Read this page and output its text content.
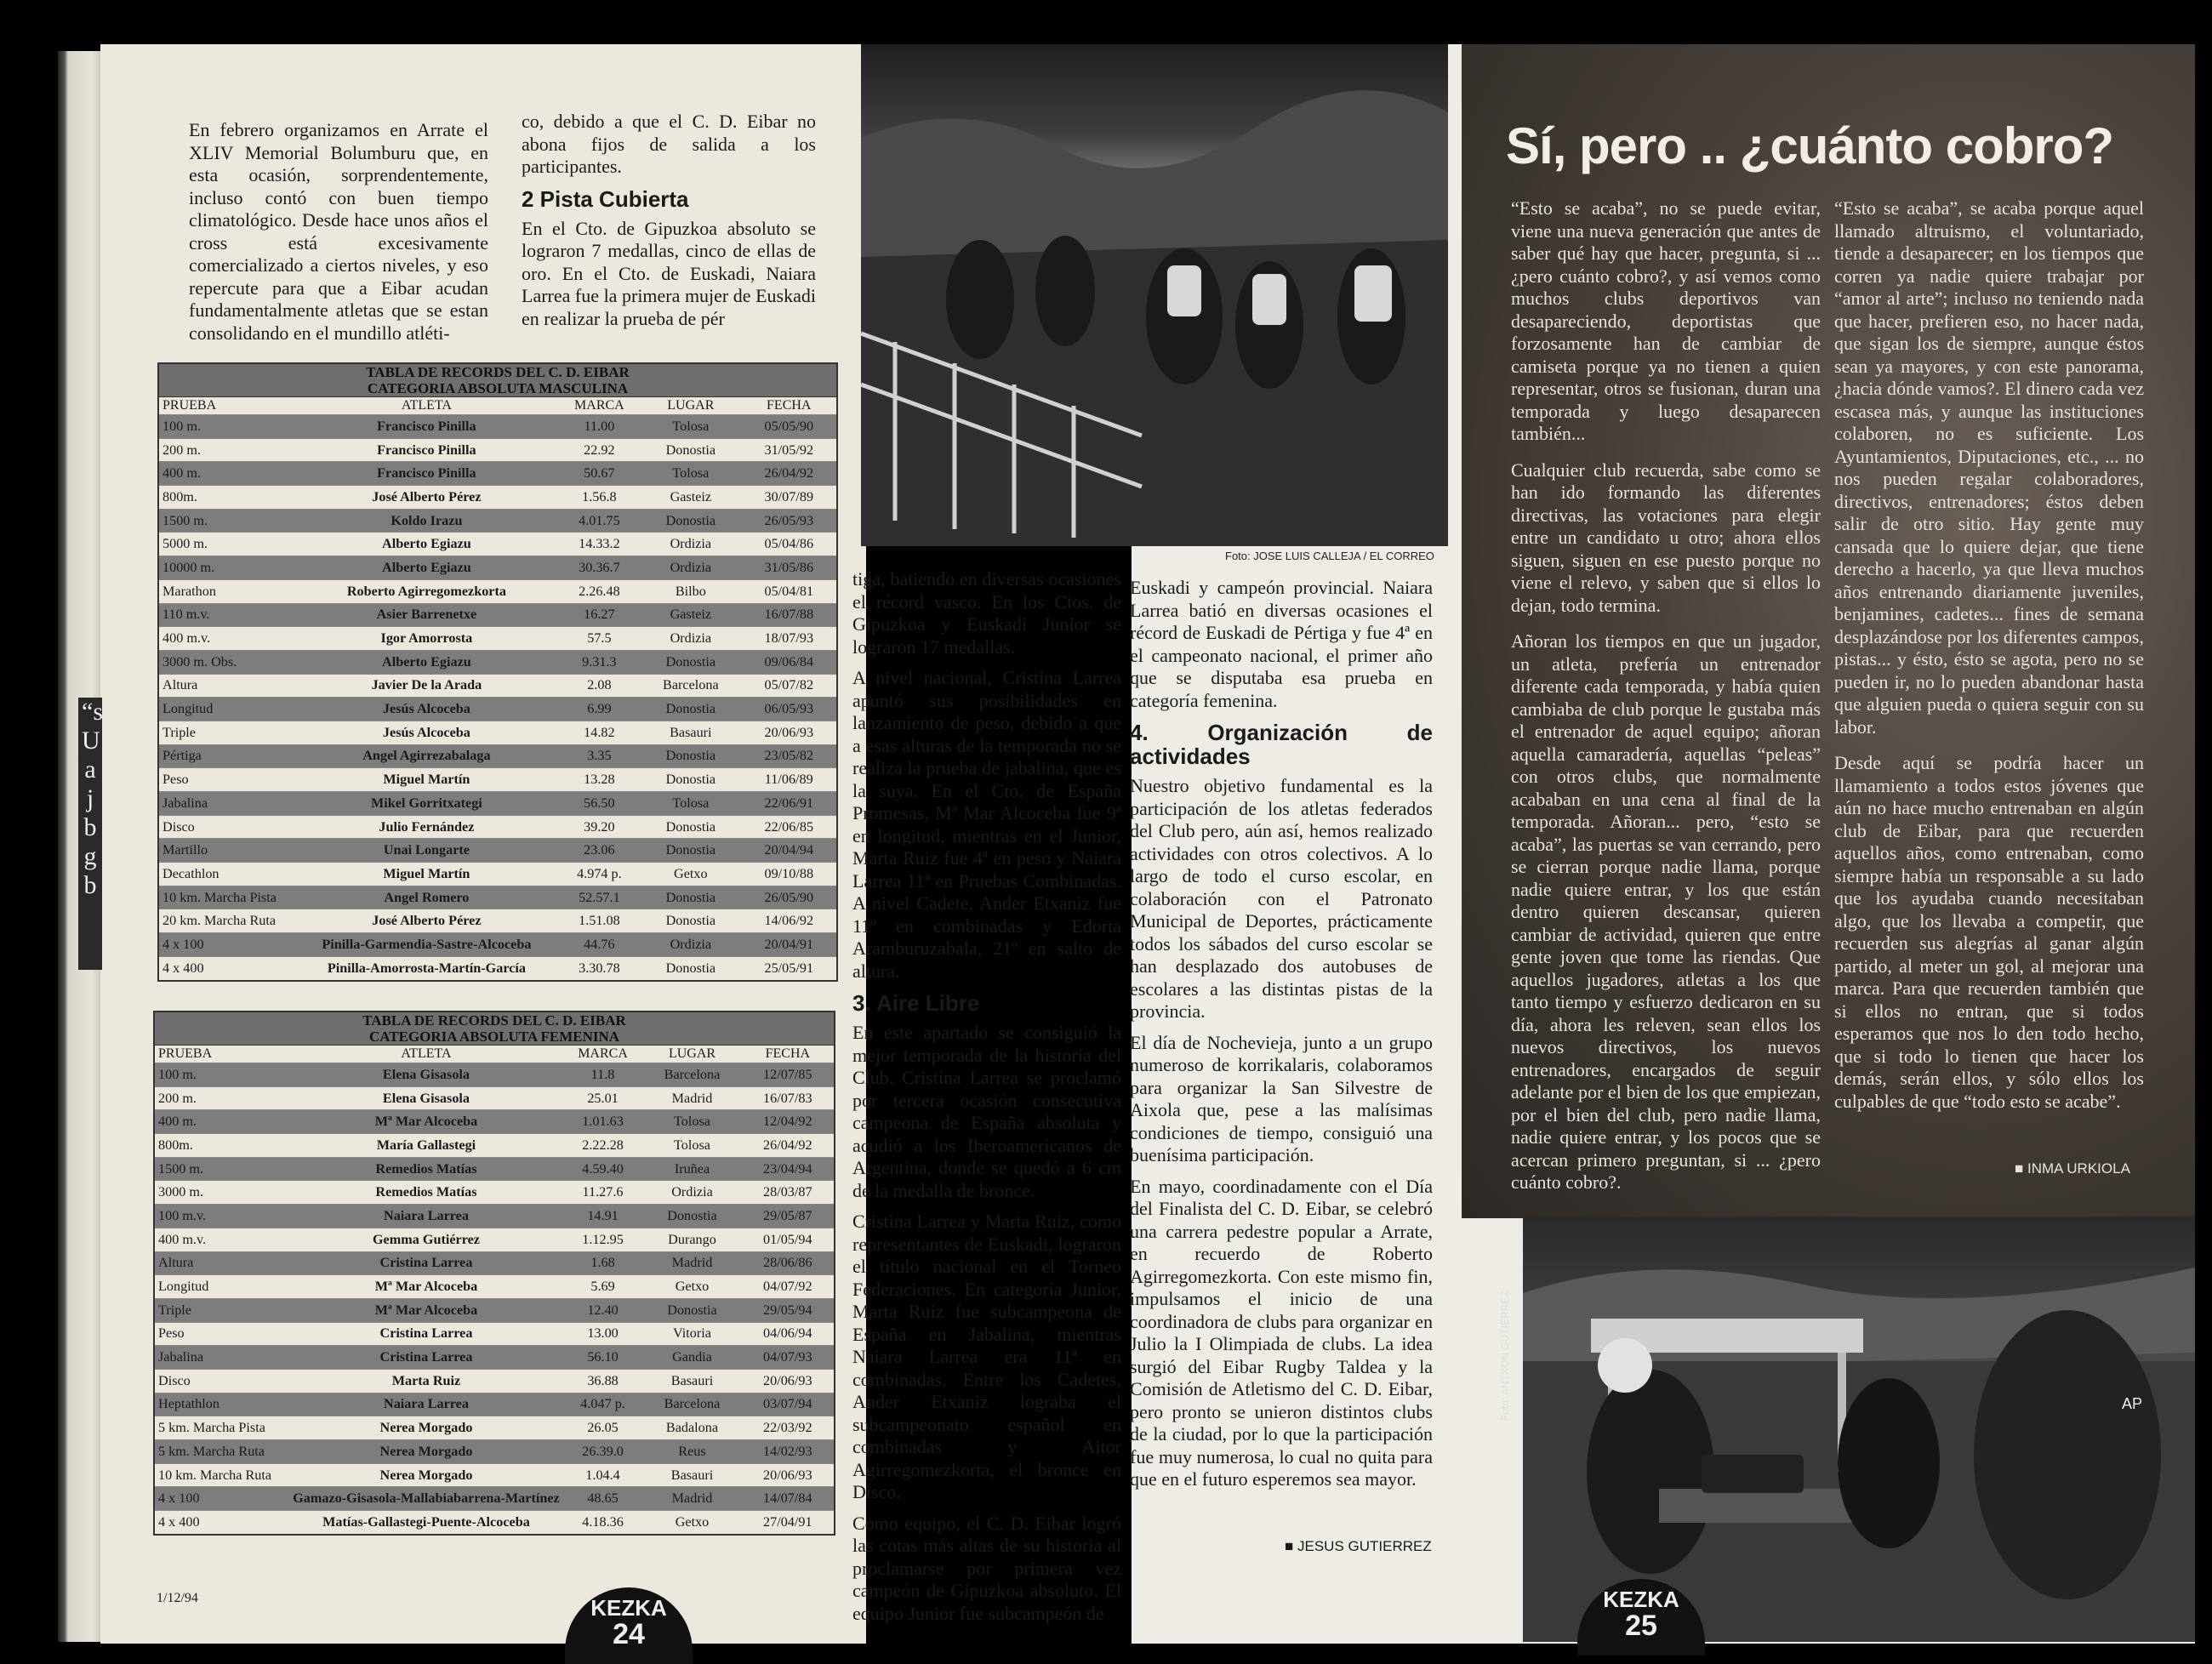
“s U a j b g b

En febrero organizamos en Arrate el XLIV Memorial Bolumburu que, en esta ocasión, sorprendentemente, incluso contó con buen tiempo climatológico. Desde hace unos años el cross está excesivamente comercializado a ciertos niveles, y eso repercute para que a Eibar acudan fundamentalmente atletas que se estan consolidando en el mundillo atléti-

co, debido a que el C. D. Eibar no abona fijos de salida a los participantes.

2 Pista Cubierta

En el Cto. de Gipuzkoa absoluto se lograron 7 medallas, cinco de ellas de oro. En el Cto. de Euskadi, Naiara Larrea fue la primera mujer de Euskadi en realizar la prueba de pér

TABLA DE RECORDS DEL C. D. EIBAR
CATEGORIA ABSOLUTA MASCULINA
PRUEBA	ATLETA	MARCA	LUGAR	FECHA
100 m.	Francisco Pinilla	11.00	Tolosa	05/05/90
200 m.	Francisco Pinilla	22.92	Donostia	31/05/92
400 m.	Francisco Pinilla	50.67	Tolosa	26/04/92
800m.	José Alberto Pérez	1.56.8	Gasteiz	30/07/89
1500 m.	Koldo Irazu	4.01.75	Donostia	26/05/93
5000 m.	Alberto Egiazu	14.33.2	Ordizia	05/04/86
10000 m.	Alberto Egiazu	30.36.7	Ordizia	31/05/86
Marathon	Roberto Agirregomezkorta	2.26.48	Bilbo	05/04/81
110 m.v.	Asier Barrenetxe	16.27	Gasteiz	16/07/88
400 m.v.	Igor Amorrosta	57.5	Ordizia	18/07/93
3000 m. Obs.	Alberto Egiazu	9.31.3	Donostia	09/06/84
Altura	Javier De la Arada	2.08	Barcelona	05/07/82
Longitud	Jesús Alcoceba	6.99	Donostia	06/05/93
Triple	Jesús Alcoceba	14.82	Basauri	20/06/93
Pértiga	Angel Agirrezabalaga	3.35	Donostia	23/05/82
Peso	Miguel Martín	13.28	Donostia	11/06/89
Jabalina	Mikel Gorritxategi	56.50	Tolosa	22/06/91
Disco	Julio Fernández	39.20	Donostia	22/06/85
Martillo	Unai Longarte	23.06	Donostia	20/04/94
Decathlon	Miguel Martín	4.974 p.	Getxo	09/10/88
10 km. Marcha Pista	Angel Romero	52.57.1	Donostia	26/05/90
20 km. Marcha Ruta	José Alberto Pérez	1.51.08	Donostia	14/06/92
4 x 100	Pinilla-Garmendia-Sastre-Alcoceba	44.76	Ordizia	20/04/91
4 x 400	Pinilla-Amorrosta-Martín-García	3.30.78	Donostia	25/05/91
TABLA DE RECORDS DEL C. D. EIBAR
CATEGORIA ABSOLUTA FEMENINA
PRUEBA	ATLETA	MARCA	LUGAR	FECHA
100 m.	Elena Gisasola	11.8	Barcelona	12/07/85
200 m.	Elena Gisasola	25.01	Madrid	16/07/83
400 m.	Mª Mar Alcoceba	1.01.63	Tolosa	12/04/92
800m.	María Gallastegi	2.22.28	Tolosa	26/04/92
1500 m.	Remedios Matías	4.59.40	Iruñea	23/04/94
3000 m.	Remedios Matías	11.27.6	Ordizia	28/03/87
100 m.v.	Naiara Larrea	14.91	Donostia	29/05/87
400 m.v.	Gemma Gutiérrez	1.12.95	Durango	01/05/94
Altura	Cristina Larrea	1.68	Madrid	28/06/86
Longitud	Mª Mar Alcoceba	5.69	Getxo	04/07/92
Triple	Mª Mar Alcoceba	12.40	Donostia	29/05/94
Peso	Cristina Larrea	13.00	Vitoria	04/06/94
Jabalina	Cristina Larrea	56.10	Gandia	04/07/93
Disco	Marta Ruiz	36.88	Basauri	20/06/93
Heptathlon	Naiara Larrea	4.047 p.	Barcelona	03/07/94
5 km. Marcha Pista	Nerea Morgado	26.05	Badalona	22/03/92
5 km. Marcha Ruta	Nerea Morgado	26.39.0	Reus	14/02/93
10 km. Marcha Ruta	Nerea Morgado	1.04.4	Basauri	20/06/93
4 x 100	Gamazo-Gisasola-Mallabiabarrena-Martínez	48.65	Madrid	14/07/84
4 x 400	Matías-Gallastegi-Puente-Alcoceba	4.18.36	Getxo	27/04/91
1/12/94

tiga, batiendo en diversas ocasiones el récord vasco. En los Ctos. de Gipuzkoa y Euskadi Junior se lograron 17 medallas.

A nivel nacional, Cristina Larrea apuntó sus posibilidades en lanzamiento de peso, debido a que a esas alturas de la temporada no se realiza la prueba de jabalina, que es la suya. En el Cto. de España Promesas, Mª Mar Alcoceba fue 9ª en longitud, mientras en el Junior, Marta Ruiz fue 4ª en peso y Naiara Larrea 11ª en Pruebas Combinadas. A nivel Cadete, Ander Etxaniz fue 11º en combinadas y Edorta Aramburuzabala, 21º en salto de altura.

3. Aire Libre

En este apartado se consiguió la mejor temporada de la historia del Club. Cristina Larrea se proclamó por tercera ocasión consecutiva campeona de España absoluta y acudió a los Iberoamericanos de Argentina, donde se quedó a 6 cm de la medalla de bronce.

Cristina Larrea y Marta Ruiz, como representantes de Euskadi, lograron el título nacional en el Torneo Federaciones. En categoría Junior, Marta Ruiz fue subcampeona de España en Jabalina, mientras Naiara Larrea era 11ª en combinadas. Entre los Cadetes, Ander Etxaniz lograba el subcampeonato español en combinadas y Aitor Agirregomezkorta, el bronce en Disco.

Como equipo, el C. D. Eibar logró las cotas más altas de su historia al proclamarse por primera vez campeón de Gipuzkoa absoluto. El equipo Junior fue subcampeón de

KEZKA
24
Foto: JOSE LUIS CALLEJA / EL CORREO

Euskadi y campeón provincial. Naiara Larrea batió en diversas ocasiones el récord de Euskadi de Pértiga y fue 4ª en el campeonato nacional, el primer año que se disputaba esa prueba en categoría femenina.

4. Organización de actividades

Nuestro objetivo fundamental es la participación de los atletas federados del Club pero, aún así, hemos realizado actividades con otros colectivos. A lo largo de todo el curso escolar, en colaboración con el Patronato Municipal de Deportes, prácticamente todos los sábados del curso escolar se han desplazado dos autobuses de escolares a las distintas pistas de la provincia.

El día de Nochevieja, junto a un grupo numeroso de korrikalaris, colaboramos para organizar la San Silvestre de Aixola que, pese a las malísimas condiciones de tiempo, consiguió una buenísima participación.

En mayo, coordinadamente con el Día del Finalista del C. D. Eibar, se celebró una carrera pedestre popular a Arrate, en recuerdo de Roberto Agirregomezkorta. Con este mismo fin, impulsamos el inicio de una coordinadora de clubs para organizar en Julio la I Olimpiada de clubs. La idea surgió del Eibar Rugby Taldea y la Comisión de Atletismo del C. D. Eibar, pero pronto se unieron distintos clubs de la ciudad, por lo que la participación fue muy numerosa, lo cual no quita para que en el futuro esperemos sea mayor.

■ JESUS GUTIERREZ
Sí, pero .. ¿cuánto cobro?

“Esto se acaba”, no se puede evitar, viene una nueva generación que antes de saber qué hay que hacer, pregunta, si ... ¿pero cuánto cobro?, y así vemos como muchos clubs deportivos van desapareciendo, deportistas que forzosamente han de cambiar de camiseta porque ya no tienen a quien representar, otros se fusionan, duran una temporada y luego desaparecen también...

Cualquier club recuerda, sabe como se han ido formando las diferentes directivas, las votaciones para elegir entre un candidato u otro; ahora ellos siguen, siguen en ese puesto porque no viene el relevo, y saben que si ellos lo dejan, todo termina.

Añoran los tiempos en que un jugador, un atleta, prefería un entrenador diferente cada temporada, y había quien cambiaba de club porque le gustaba más el entrenador de aquel equipo; añoran aquella camaradería, aquellas “peleas” con otros clubs, que normalmente acababan en una cena al final de la temporada. Añoran... pero, “esto se acaba”, las puertas se van cerrando, pero se cierran porque nadie llama, porque nadie quiere entrar, y los que están dentro quieren descansar, quieren cambiar de actividad, quieren que entre gente joven que tome las riendas. Que aquellos jugadores, atletas a los que tanto tiempo y esfuerzo dedicaron en su día, ahora les releven, sean ellos los nuevos directivos, los nuevos entrenadores, encargados de seguir adelante por el bien de los que empiezan, por el bien del club, pero nadie llama, nadie quiere entrar, y los pocos que se acercan primero preguntan, si ... ¿pero cuánto cobro?.

“Esto se acaba”, se acaba porque aquel llamado altruismo, el voluntariado, tiende a desaparecer; en los tiempos que corren ya nadie quiere trabajar por “amor al arte”; incluso no teniendo nada que hacer, prefieren eso, no hacer nada, que sigan los de siempre, aunque éstos sean ya mayores, y con este panorama, ¿hacia dónde vamos?. El dinero cada vez escasea más, y aunque las instituciones colaboren, no es suficiente. Los Ayuntamientos, Diputaciones, etc., ... no nos pueden regalar colaboradores, directivos, entrenadores; éstos deben salir de otro sitio. Hay gente muy cansada que lo quiere dejar, que tiene derecho a hacerlo, ya que lleva muchos años entrenando diariamente juveniles, benjamines, cadetes... fines de semana desplazándose por los diferentes campos, pistas... y ésto, ésto se agota, pero no se pueden ir, no lo pueden abandonar hasta que alguien pueda o quiera seguir con su labor.

Desde aquí se podría hacer un llamamiento a todos estos jóvenes que aún no hace mucho entrenaban en algún club de Eibar, para que recuerden aquellos años, como entrenaban, como siempre había un responsable a su lado que los ayudaba cuando necesitaban algo, que los llevaba a competir, que recuerden sus alegrías al ganar algún partido, al meter un gol, al mejorar una marca. Para que recuerden también que si ellos no entran, que si todos esperamos que nos lo den todo hecho, que si todo lo tienen que hacer los demás, serán ellos, y sólo ellos los culpables de que “todo esto se acabe”.

■ INMA URKIOLA
Foto: ANTXON GUTIERREZ	AP
KEZKA
25
